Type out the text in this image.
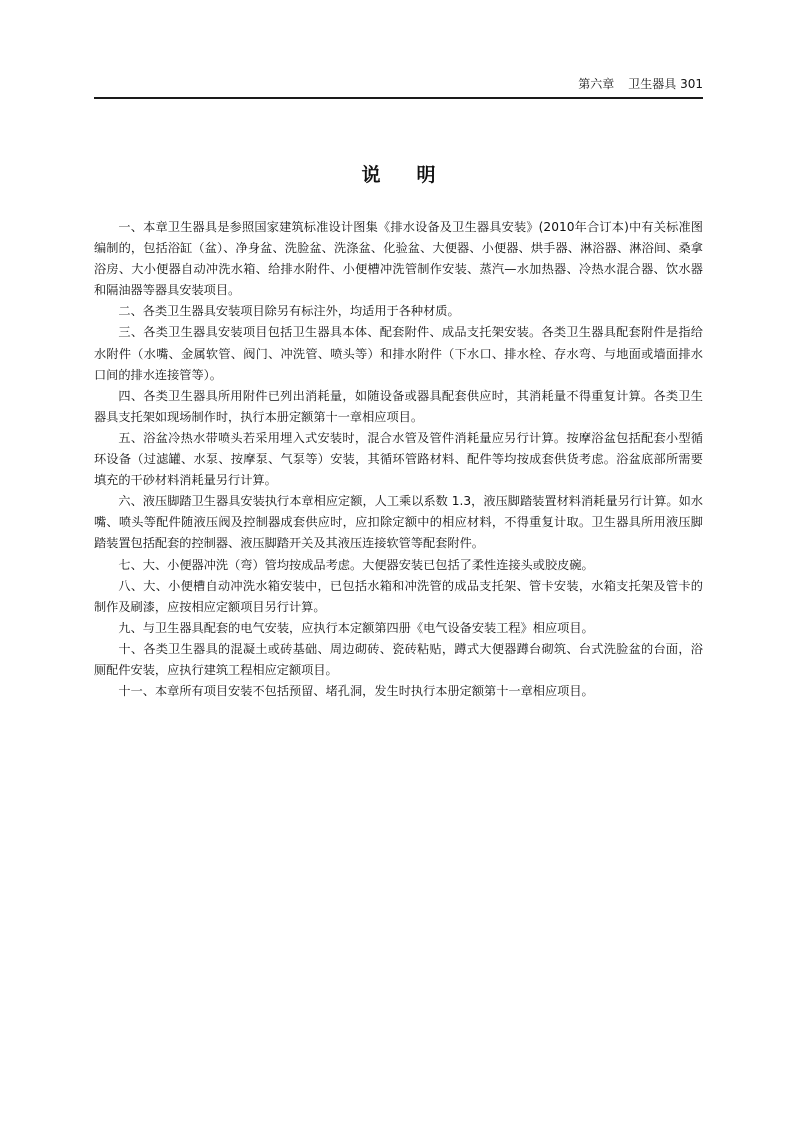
第六章 卫生器具 301
说明

一、本章卫生器具是参照国家建筑标准设计图集《排水设备及卫生器具安装》(2010年合订本)中有关标准图编制的，包括浴缸（盆）、净身盆、洗脸盆、洗涤盆、化验盆、大便器、小便器、烘手器、淋浴器、淋浴间、桑拿浴房、大小便器自动冲洗水箱、给排水附件、小便槽冲洗管制作安装、蒸汽—水加热器、冷热水混合器、饮水器和隔油器等器具安装项目。

二、各类卫生器具安装项目除另有标注外，均适用于各种材质。

三、各类卫生器具安装项目包括卫生器具本体、配套附件、成品支托架安装。各类卫生器具配套附件是指给水附件（水嘴、金属软管、阀门、冲洗管、喷头等）和排水附件（下水口、排水栓、存水弯、与地面或墙面排水口间的排水连接管等）。

四、各类卫生器具所用附件已列出消耗量，如随设备或器具配套供应时，其消耗量不得重复计算。各类卫生器具支托架如现场制作时，执行本册定额第十一章相应项目。

五、浴盆冷热水带喷头若采用埋入式安装时，混合水管及管件消耗量应另行计算。按摩浴盆包括配套小型循环设备（过滤罐、水泵、按摩泵、气泵等）安装，其循环管路材料、配件等均按成套供货考虑。浴盆底部所需要填充的干砂材料消耗量另行计算。

六、液压脚踏卫生器具安装执行本章相应定额，人工乘以系数 1.3，液压脚踏装置材料消耗量另行计算。如水嘴、喷头等配件随液压阀及控制器成套供应时，应扣除定额中的相应材料，不得重复计取。卫生器具所用液压脚踏装置包括配套的控制器、液压脚踏开关及其液压连接软管等配套附件。

七、大、小便器冲洗（弯）管均按成品考虑。大便器安装已包括了柔性连接头或胶皮碗。

八、大、小便槽自动冲洗水箱安装中，已包括水箱和冲洗管的成品支托架、管卡安装，水箱支托架及管卡的制作及刷漆，应按相应定额项目另行计算。

九、与卫生器具配套的电气安装，应执行本定额第四册《电气设备安装工程》相应项目。

十、各类卫生器具的混凝土或砖基础、周边砌砖、瓷砖粘贴，蹲式大便器蹲台砌筑、台式洗脸盆的台面，浴厕配件安装，应执行建筑工程相应定额项目。

十一、本章所有项目安装不包括预留、堵孔洞，发生时执行本册定额第十一章相应项目。
